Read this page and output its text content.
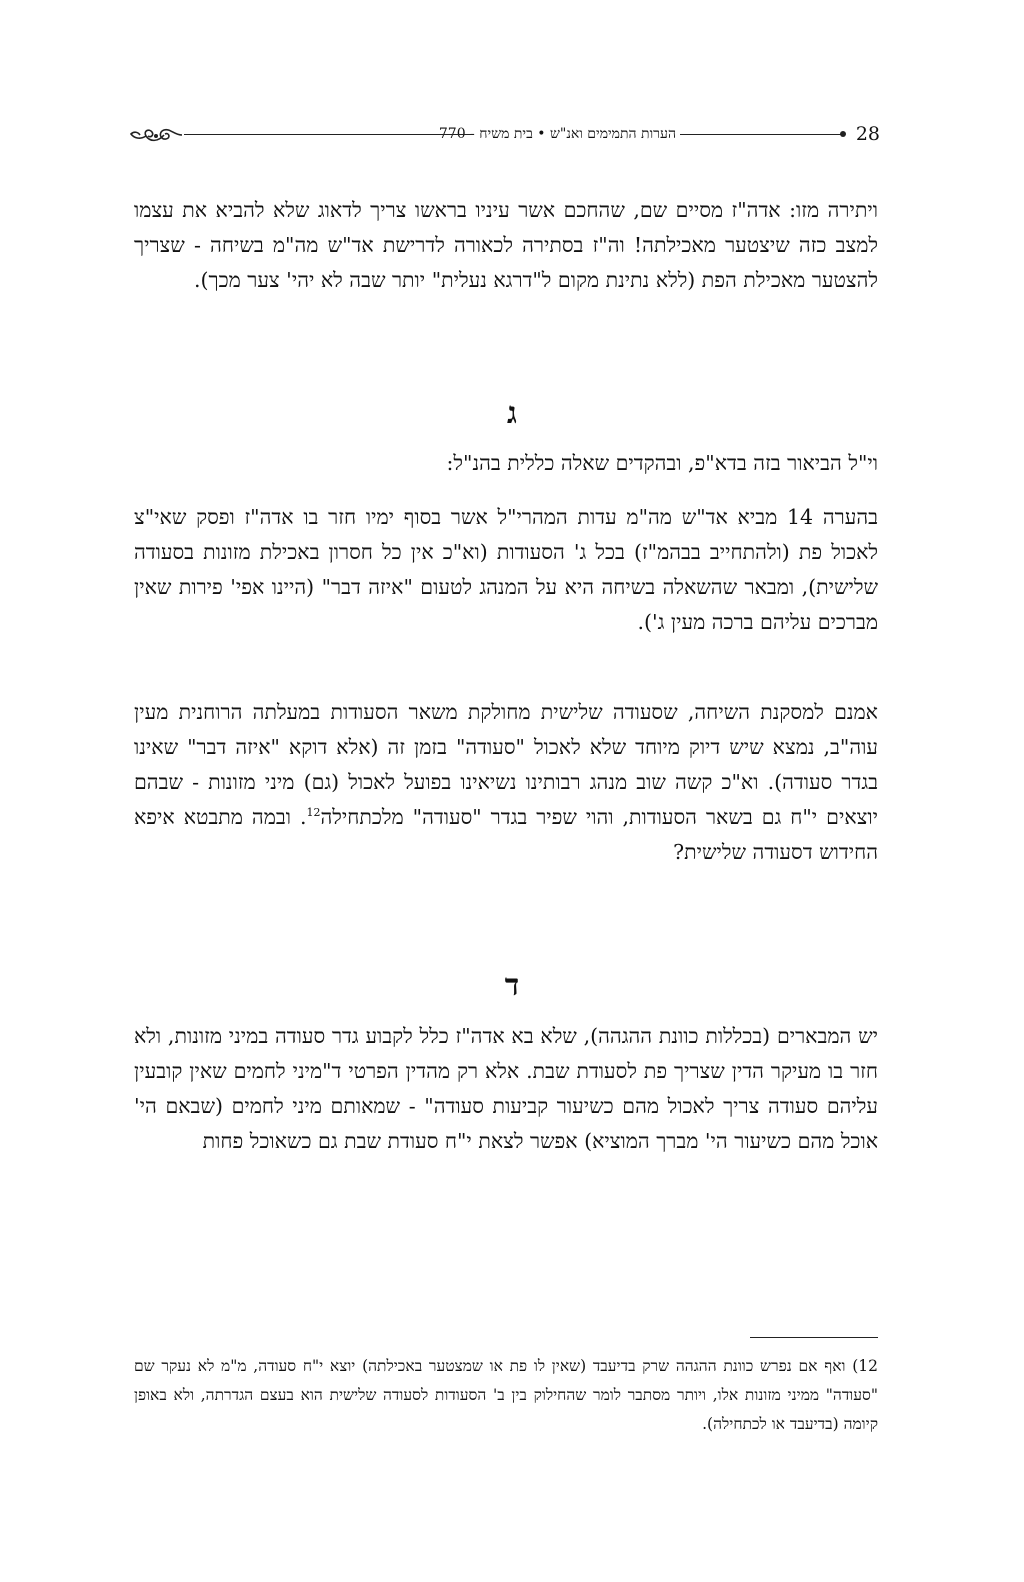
28
הערות התמימים ואנ"ש • בית משיח - 770

ויתירה מזו: אדה"ז מסיים שם, שהחכם אשר עיניו בראשו צריך לדאוג שלא להביא את עצמו למצב כזה שיצטער מאכילתה! וה"ז בסתירה לכאורה לדרישת אד"ש מה"מ בשיחה - שצריך להצטער מאכילת הפת (ללא נתינת מקום ל"דרגא נעלית" יותר שבה לא יהי' צער מכך).

ג

וי"ל הביאור בזה בדא"פ, ובהקדים שאלה כללית בהנ"ל:

בהערה 14 מביא אד"ש מה"מ עדות המהרי"ל אשר בסוף ימיו חזר בו אדה"ז ופסק שאי"צ לאכול פת (ולהתחייב בבהמ"ז) בכל ג' הסעודות (וא"כ אין כל חסרון באכילת מזונות בסעודה שלישית), ומבאר שהשאלה בשיחה היא על המנהג לטעום "איזה דבר" (היינו אפי' פירות שאין מברכים עליהם ברכה מעין ג').

אמנם למסקנת השיחה, שסעודה שלישית מחולקת משאר הסעודות במעלתה הרוחנית מעין עוה"ב, נמצא שיש דיוק מיוחד שלא לאכול "סעודה" בזמן זה (אלא דוקא "איזה דבר" שאינו בגדר סעודה). וא"כ קשה שוב מנהג רבותינו נשיאינו בפועל לאכול (גם) מיני מזונות - שבהם יוצאים י"ח גם בשאר הסעודות, והוי שפיר בגדר "סעודה" מלכתחילה$^{12}$. ובמה מתבטא איפא החידוש דסעודה שלישית?

ד

יש המבארים (בכללות כוונת ההגהה), שלא בא אדה"ז כלל לקבוע גדר סעודה במיני מזונות, ולא חזר בו מעיקר הדין שצריך פת לסעודת שבת. אלא רק מהדין הפרטי ד"מיני לחמים שאין קובעין עליהם סעודה צריך לאכול מהם כשיעור קביעות סעודה" - שמאותם מיני לחמים (שבאם הי' אוכל מהם כשיעור הי' מברך המוציא) אפשר לצאת י"ח סעודת שבת גם כשאוכל פחות

12) ואף אם נפרש כוונת ההגהה שרק בדיעבד (שאין לו פת או שמצטער באכילתה) יוצא י"ח סעודה, מ"מ לא נעקר שם "סעודה" ממיני מזונות אלו, ויותר מסתבר לומר שהחילוק בין ב' הסעודות לסעודה שלישית הוא בעצם הגדרתה, ולא באופן קיומה (בדיעבד או לכתחילה).
